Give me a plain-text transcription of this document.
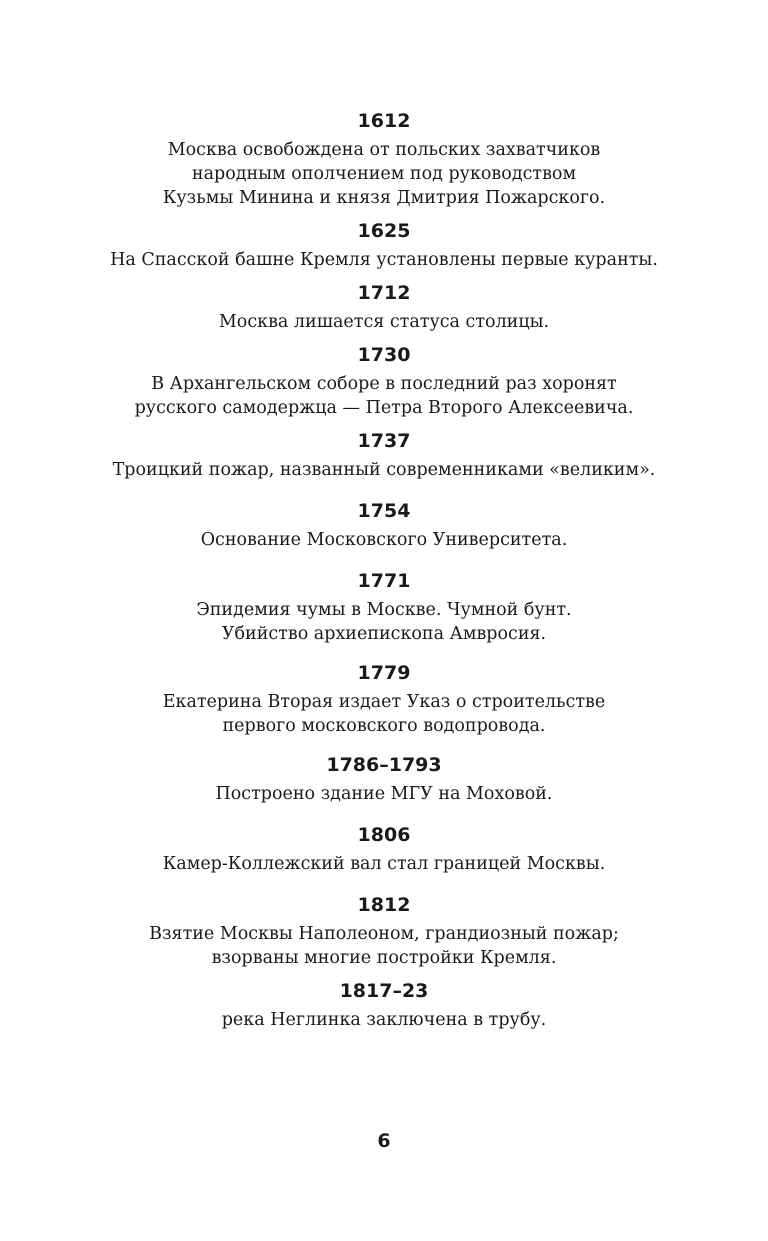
1612
Москва освобождена от польских захватчиков
народным ополчением под руководством
Кузьмы Минина и князя Дмитрия Пожарского.
1625
На Спасской башне Кремля установлены первые куранты.
1712
Москва лишается статуса столицы.
1730
В Архангельском соборе в последний раз хоронят
русского самодержца — Петра Второго Алексеевича.
1737
Троицкий пожар, названный современниками «великим».
1754
Основание Московского Университета.
1771
Эпидемия чумы в Москве. Чумной бунт.
Убийство архиепископа Амвросия.
1779
Екатерина Вторая издает Указ о строительстве
первого московского водопровода.
1786–1793
Построено здание МГУ на Моховой.
1806
Камер-Коллежский вал стал границей Москвы.
1812
Взятие Москвы Наполеоном, грандиозный пожар;
взорваны многие постройки Кремля.
1817–23
река Неглинка заключена в трубу.
6
